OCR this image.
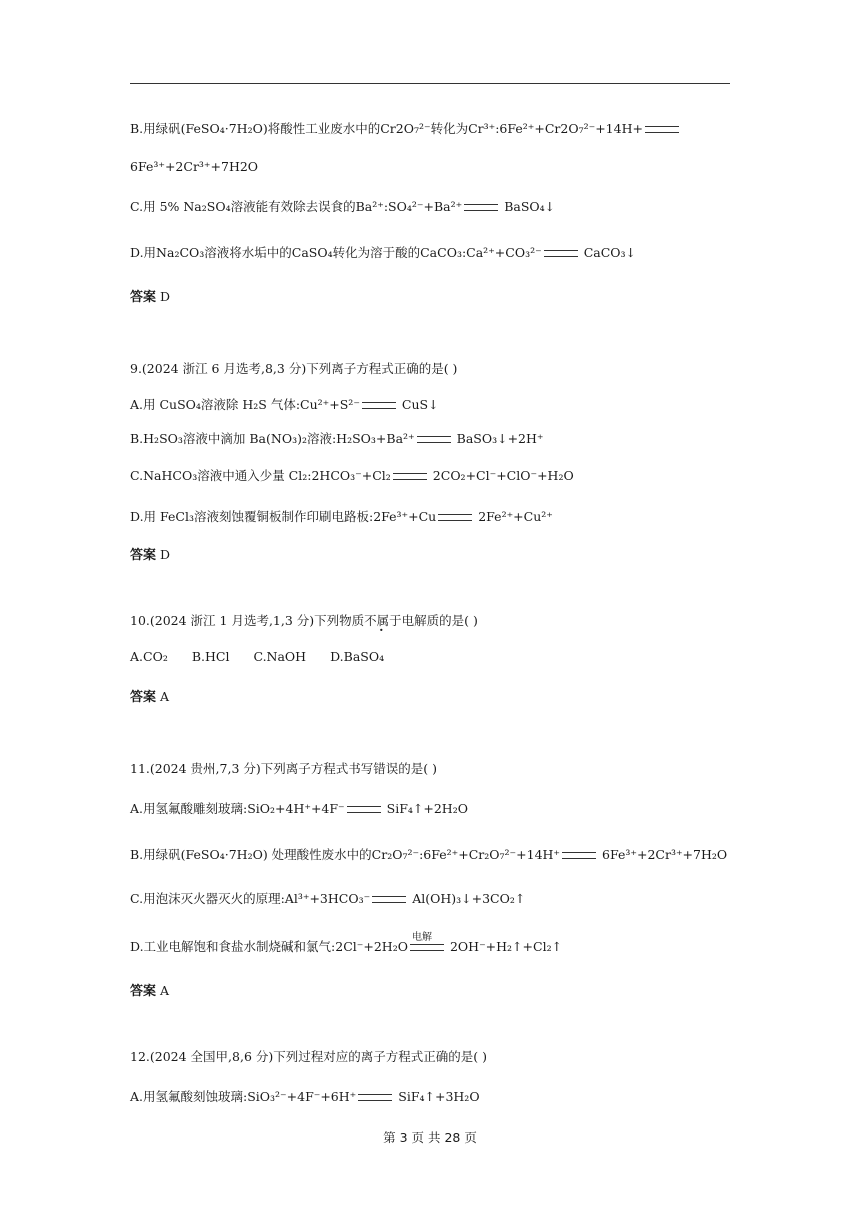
B.用绿矾(FeSO₄·7H₂O)将酸性工业废水中的Cr2O₇²⁻转化为Cr³⁺:6Fe²⁺+Cr2O₇²⁻+14H+
6Fe³⁺+2Cr³⁺+7H2O
C.用 5% Na₂SO₄溶液能有效除去误食的Ba²⁺:SO₄²⁻+Ba²⁺	BaSO₄↓
D.用Na₂CO₃溶液将水垢中的CaSO₄转化为溶于酸的CaCO₃:Ca²⁺+CO₃²⁻	CaCO₃↓
答案 D
9.(2024 浙江 6 月选考,8,3 分)下列离子方程式正确的是( )
A.用 CuSO₄溶液除 H₂S 气体:Cu²⁺+S²⁻	CuS↓
B.H₂SO₃溶液中滴加 Ba(NO₃)₂溶液:H₂SO₃+Ba²⁺	BaSO₃↓+2H⁺
C.NaHCO₃溶液中通入少量 Cl₂:2HCO₃⁻+Cl₂	2CO₂+Cl⁻+ClO⁻+H₂O
D.用 FeCl₃溶液刻蚀覆铜板制作印刷电路板:2Fe³⁺+Cu	2Fe²⁺+Cu²⁺
答案 D
10.(2024 浙江 1 月选考,1,3 分)下列物质不属于电解质的是( )
A.CO₂ B.HCl C.NaOH D.BaSO₄
答案 A
11.(2024 贵州,7,3 分)下列离子方程式书写错误的是( )
A.用氢氟酸雕刻玻璃:SiO₂+4H⁺+4F⁻	SiF₄↑+2H₂O
B.用绿矾(FeSO₄·7H₂O) 处理酸性废水中的Cr₂O₇²⁻:6Fe²⁺+Cr₂O₇²⁻+14H⁺	6Fe³⁺+2Cr³⁺+7H₂O
C.用泡沫灭火器灭火的原理:Al³⁺+3HCO₃⁻	Al(OH)₃↓+3CO₂↑
D.工业电解饱和食盐水制烧碱和氯气:2Cl⁻+2H₂O
电解
2OH⁻+H₂↑+Cl₂↑
答案 A
12.(2024 全国甲,8,6 分)下列过程对应的离子方程式正确的是( )
A.用氢氟酸刻蚀玻璃:SiO₃²⁻+4F⁻+6H⁺	SiF₄↑+3H₂O
第 3 页 共 28 页
